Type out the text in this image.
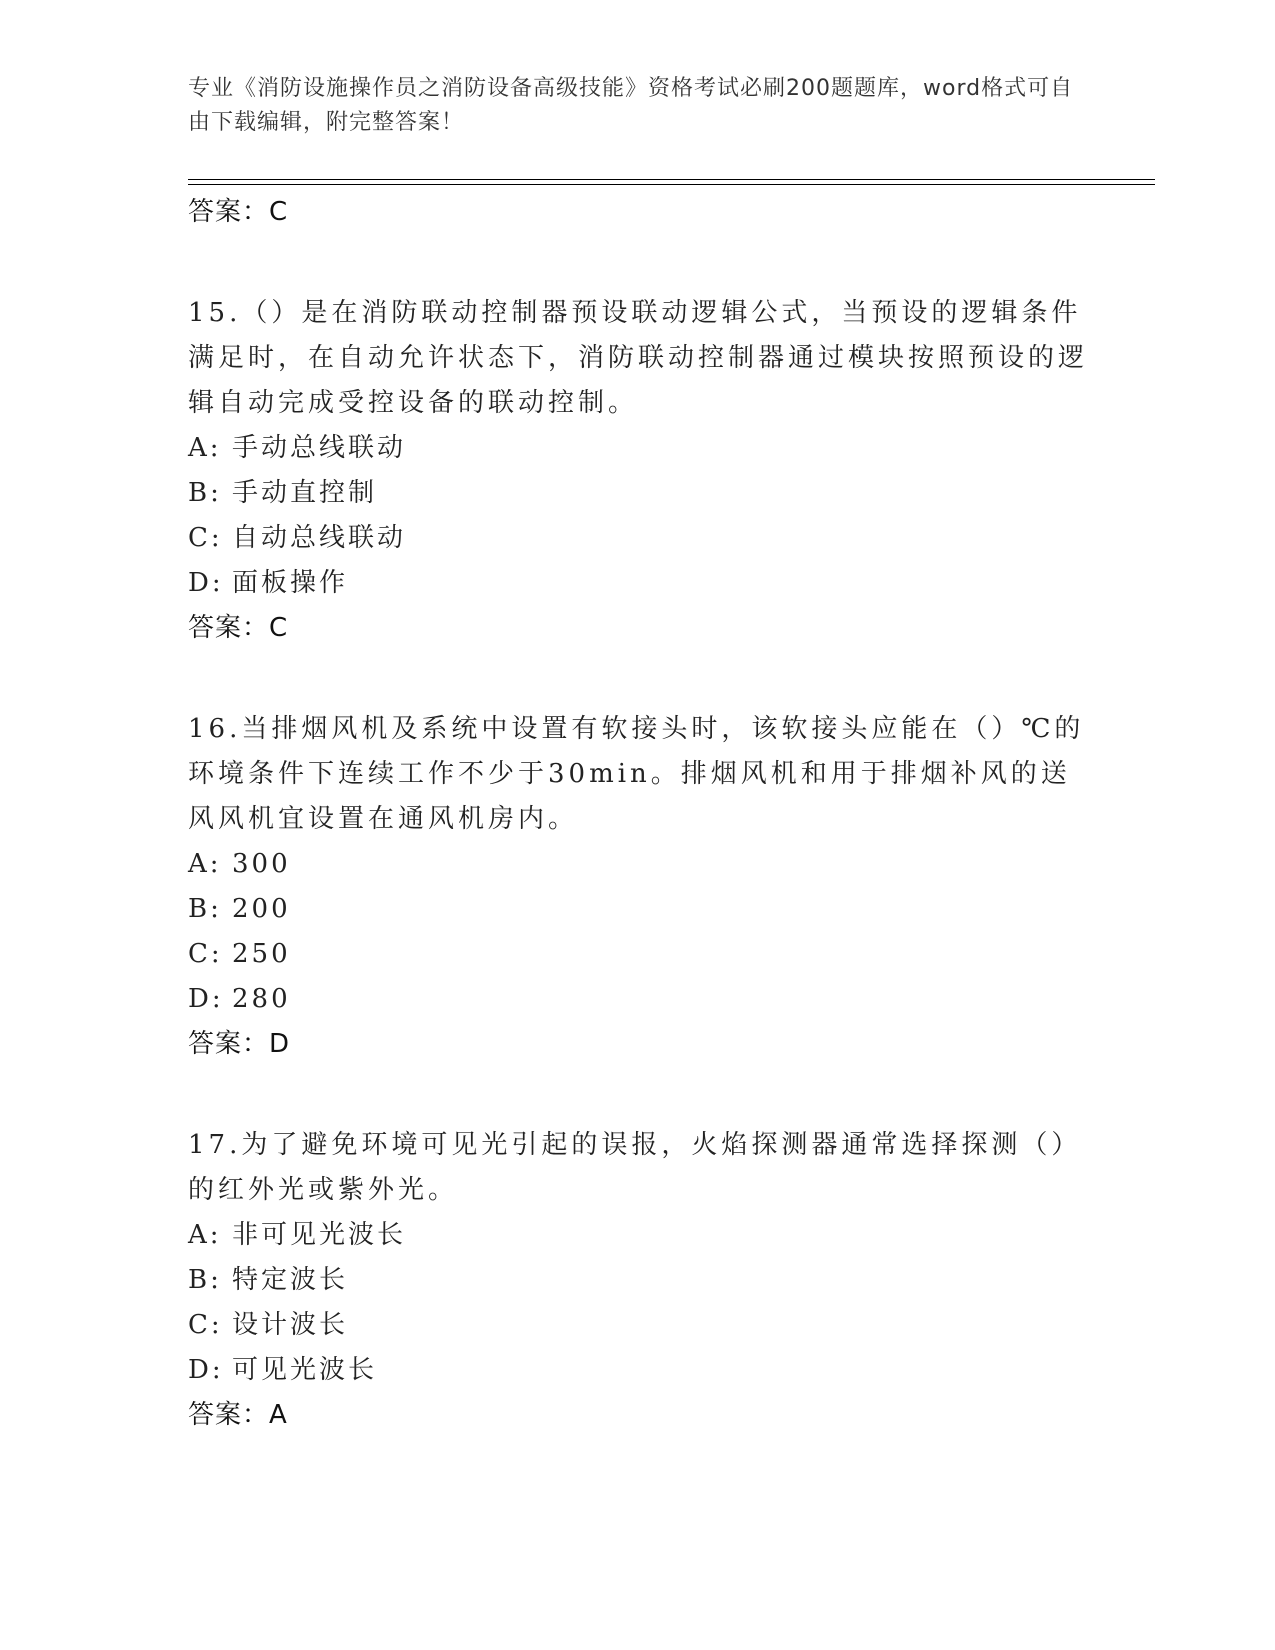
专业《消防设施操作员之消防设备高级技能》资格考试必刷200题题库，word格式可自由下载编辑，附完整答案！
答案：C

15.（）是在消防联动控制器预设联动逻辑公式，当预设的逻辑条件满足时，在自动允许状态下，消防联动控制器通过模块按照预设的逻辑自动完成受控设备的联动控制。

A: 手动总线联动
B: 手动直控制
C: 自动总线联动
D: 面板操作
答案：C

16.当排烟风机及系统中设置有软接头时，该软接头应能在（）℃的环境条件下连续工作不少于30min。排烟风机和用于排烟补风的送风风机宜设置在通风机房内。

A: 300
B: 200
C: 250
D: 280
答案：D

17.为了避免环境可见光引起的误报，火焰探测器通常选择探测（）的红外光或紫外光。

A: 非可见光波长
B: 特定波长
C: 设计波长
D: 可见光波长
答案：A
